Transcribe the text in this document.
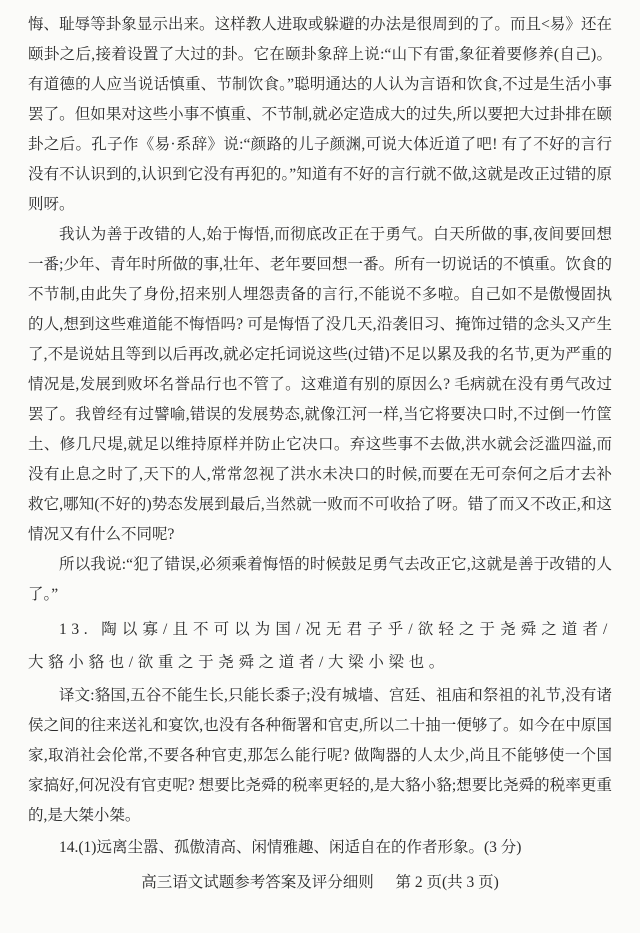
悔、耻辱等卦象显示出来。这样教人进取或躲避的办法是很周到的了。而且<易》还在颐卦之后,接着设置了大过的卦。它在颐卦象辞上说:“山下有雷,象征着要修养(自己)。有道德的人应当说话慎重、节制饮食。”聪明通达的人认为言语和饮食,不过是生活小事罢了。但如果对这些小事不慎重、不节制,就必定造成大的过失,所以要把大过卦排在颐卦之后。孔子作《易·系辞》说:“颜路的儿子颜渊,可说大体近道了吧! 有了不好的言行没有不认识到的,认识到它没有再犯的。”知道有不好的言行就不做,这就是改正过错的原则呀。

我认为善于改错的人,始于悔悟,而彻底改正在于勇气。白天所做的事,夜间要回想一番;少年、青年时所做的事,壮年、老年要回想一番。所有一切说话的不慎重。饮食的不节制,由此失了身份,招来别人埋怨责备的言行,不能说不多啦。自己如不是傲慢固执的人,想到这些难道能不悔悟吗? 可是悔悟了没几天,沿袭旧习、掩饰过错的念头又产生了,不是说姑且等到以后再改,就必定托词说这些(过错)不足以累及我的名节,更为严重的情况是,发展到败坏名誉品行也不管了。这难道有别的原因么? 毛病就在没有勇气改过罢了。我曾经有过譬喻,错误的发展势态,就像江河一样,当它将要决口时,不过倒一竹筐土、修几尺堤,就足以维持原样并防止它决口。弃这些事不去做,洪水就会泛滥四溢,而没有止息之时了,天下的人,常常忽视了洪水未决口的时候,而要在无可奈何之后才去补救它,哪知(不好的)势态发展到最后,当然就一败而不可收拾了呀。错了而又不改正,和这情况又有什么不同呢?

所以我说:“犯了错误,必须乘着悔悟的时候鼓足勇气去改正它,这就是善于改错的人了。”

13. 陶以寡/且不可以为国/况无君子乎/欲轻之于尧舜之道者/大貉小貉也/欲重之于尧舜之道者/大梁小梁也。

译文:貉国,五谷不能生长,只能长黍子;没有城墙、宫廷、祖庙和祭祖的礼节,没有诸侯之间的往来送礼和宴饮,也没有各种衙署和官吏,所以二十抽一便够了。如今在中原国家,取消社会伦常,不要各种官吏,那怎么能行呢? 做陶器的人太少,尚且不能够使一个国家搞好,何况没有官吏呢? 想要比尧舜的税率更轻的,是大貉小貉;想要比尧舜的税率更重的,是大桀小桀。

14.(1)远离尘嚣、孤傲清高、闲情雅趣、闲适自在的作者形象。(3 分)

高三语文试题参考答案及评分细则 第 2 页(共 3 页)
